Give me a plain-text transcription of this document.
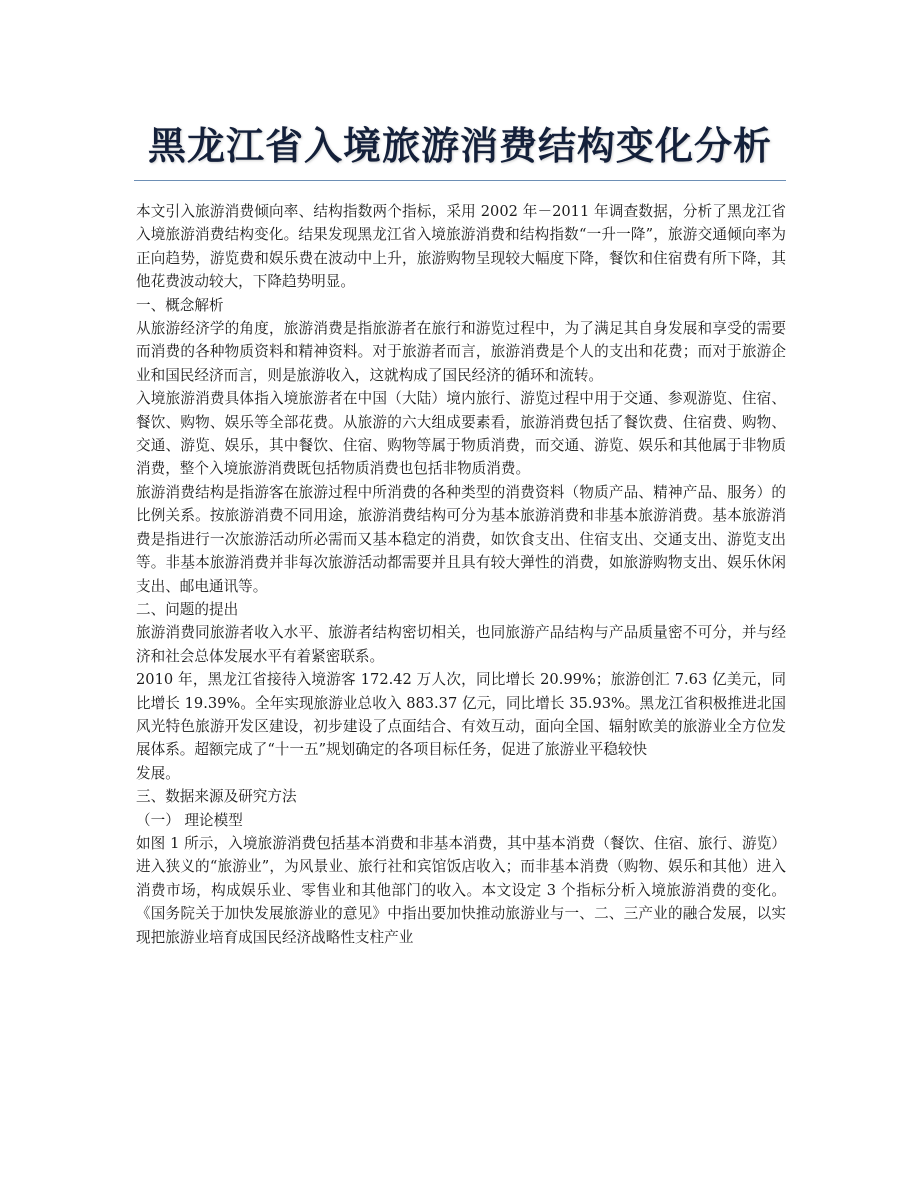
黑龙江省入境旅游消费结构变化分析

本文引入旅游消费倾向率、结构指数两个指标，采用 2002 年－2011 年调查数据，分析了黑龙江省入境旅游消费结构变化。结果发现黑龙江省入境旅游消费和结构指数“一升一降”，旅游交通倾向率为正向趋势，游览费和娱乐费在波动中上升，旅游购物呈现较大幅度下降，餐饮和住宿费有所下降，其他花费波动较大，下降趋势明显。

一、概念解析

从旅游经济学的角度，旅游消费是指旅游者在旅行和游览过程中，为了满足其自身发展和享受的需要而消费的各种物质资料和精神资料。对于旅游者而言，旅游消费是个人的支出和花费；而对于旅游企业和国民经济而言，则是旅游收入，这就构成了国民经济的循环和流转。

入境旅游消费具体指入境旅游者在中国（大陆）境内旅行、游览过程中用于交通、参观游览、住宿、餐饮、购物、娱乐等全部花费。从旅游的六大组成要素看，旅游消费包括了餐饮费、住宿费、购物、交通、游览、娱乐，其中餐饮、住宿、购物等属于物质消费，而交通、游览、娱乐和其他属于非物质消费，整个入境旅游消费既包括物质消费也包括非物质消费。

旅游消费结构是指游客在旅游过程中所消费的各种类型的消费资料（物质产品、精神产品、服务）的比例关系。按旅游消费不同用途，旅游消费结构可分为基本旅游消费和非基本旅游消费。基本旅游消费是指进行一次旅游活动所必需而又基本稳定的消费，如饮食支出、住宿支出、交通支出、游览支出等。非基本旅游消费并非每次旅游活动都需要并且具有较大弹性的消费，如旅游购物支出、娱乐休闲支出、邮电通讯等。

二、问题的提出

旅游消费同旅游者收入水平、旅游者结构密切相关，也同旅游产品结构与产品质量密不可分，并与经济和社会总体发展水平有着紧密联系。

2010 年，黑龙江省接待入境游客 172.42 万人次，同比增长 20.99%；旅游创汇 7.63 亿美元，同比增长 19.39%。全年实现旅游业总收入 883.37 亿元，同比增长 35.93%。黑龙江省积极推进北国风光特色旅游开发区建设，初步建设了点面结合、有效互动，面向全国、辐射欧美的旅游业全方位发展体系。超额完成了“十一五”规划确定的各项目标任务，促进了旅游业平稳较快

发展。

三、数据来源及研究方法

（一） 理论模型

如图 1 所示，入境旅游消费包括基本消费和非基本消费，其中基本消费（餐饮、住宿、旅行、游览）进入狭义的“旅游业”，为风景业、旅行社和宾馆饭店收入；而非基本消费（购物、娱乐和其他）进入消费市场，构成娱乐业、零售业和其他部门的收入。本文设定 3 个指标分析入境旅游消费的变化。《国务院关于加快发展旅游业的意见》中指出要加快推动旅游业与一、二、三产业的融合发展，以实现把旅游业培育成国民经济战略性支柱产业
